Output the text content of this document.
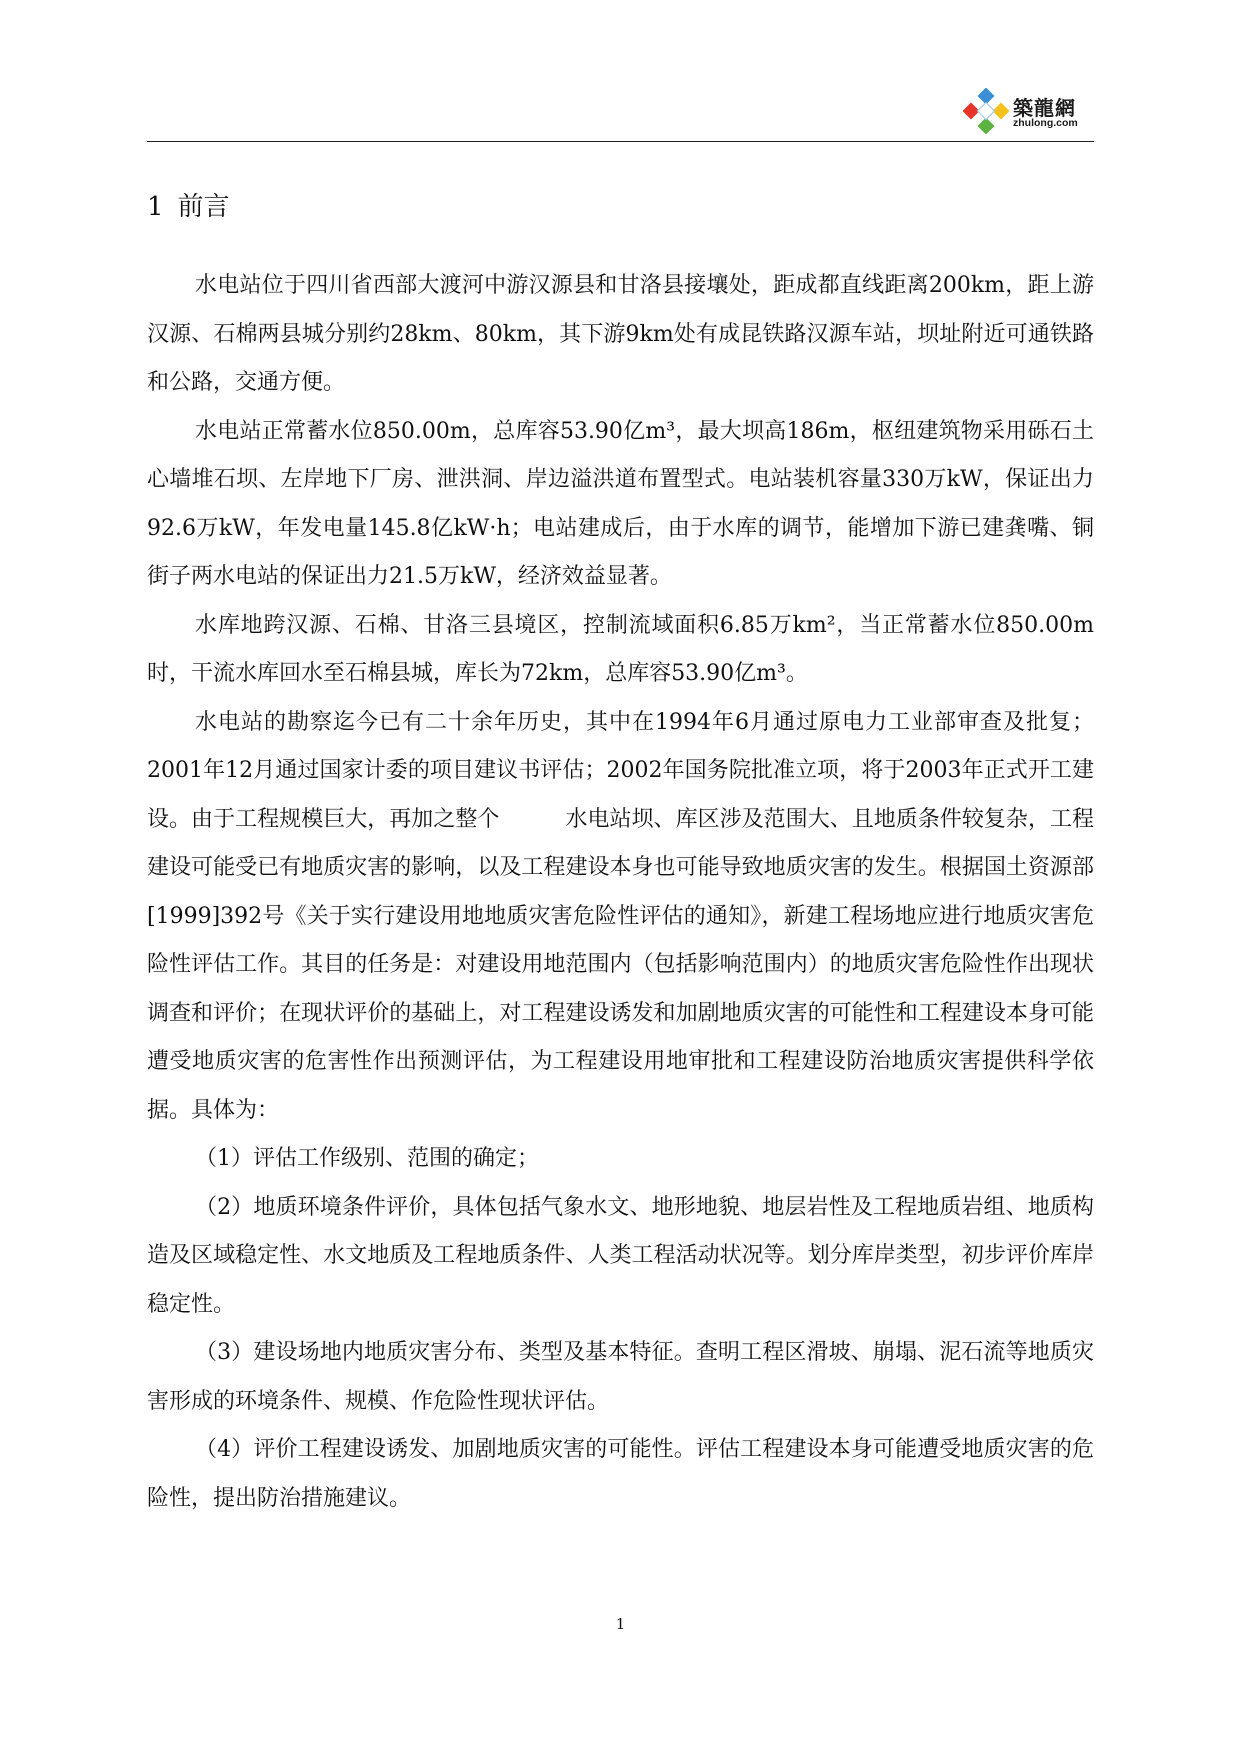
築龍網
zhulong.com
1 前言

水电站位于四川省西部大渡河中游汉源县和甘洛县接壤处，距成都直线距离200km，距上游汉源、石棉两县城分别约28km、80km，其下游9km处有成昆铁路汉源车站，坝址附近可通铁路和公路，交通方便。

水电站正常蓄水位850.00m，总库容53.90亿m³，最大坝高186m，枢纽建筑物采用砾石土心墙堆石坝、左岸地下厂房、泄洪洞、岸边溢洪道布置型式。电站装机容量330万kW，保证出力92.6万kW，年发电量145.8亿kW·h；电站建成后，由于水库的调节，能增加下游已建龚嘴、铜街子两水电站的保证出力21.5万kW，经济效益显著。

水库地跨汉源、石棉、甘洛三县境区，控制流域面积6.85万km²，当正常蓄水位850.00m时，干流水库回水至石棉县城，库长为72km，总库容53.90亿m³。

水电站的勘察迄今已有二十余年历史，其中在1994年6月通过原电力工业部审查及批复；2001年12月通过国家计委的项目建议书评估；2002年国务院批准立项，将于2003年正式开工建设。由于工程规模巨大，再加之整个　　　水电站坝、库区涉及范围大、且地质条件较复杂，工程建设可能受已有地质灾害的影响，以及工程建设本身也可能导致地质灾害的发生。根据国土资源部[1999]392号《关于实行建设用地地质灾害危险性评估的通知》，新建工程场地应进行地质灾害危险性评估工作。其目的任务是：对建设用地范围内（包括影响范围内）的地质灾害危险性作出现状调查和评价；在现状评价的基础上，对工程建设诱发和加剧地质灾害的可能性和工程建设本身可能遭受地质灾害的危害性作出预测评估，为工程建设用地审批和工程建设防治地质灾害提供科学依据。具体为：

（1）评估工作级别、范围的确定；

（2）地质环境条件评价，具体包括气象水文、地形地貌、地层岩性及工程地质岩组、地质构造及区域稳定性、水文地质及工程地质条件、人类工程活动状况等。划分库岸类型，初步评价库岸稳定性。

（3）建设场地内地质灾害分布、类型及基本特征。查明工程区滑坡、崩塌、泥石流等地质灾害形成的环境条件、规模、作危险性现状评估。

（4）评价工程建设诱发、加剧地质灾害的可能性。评估工程建设本身可能遭受地质灾害的危险性，提出防治措施建议。

1
